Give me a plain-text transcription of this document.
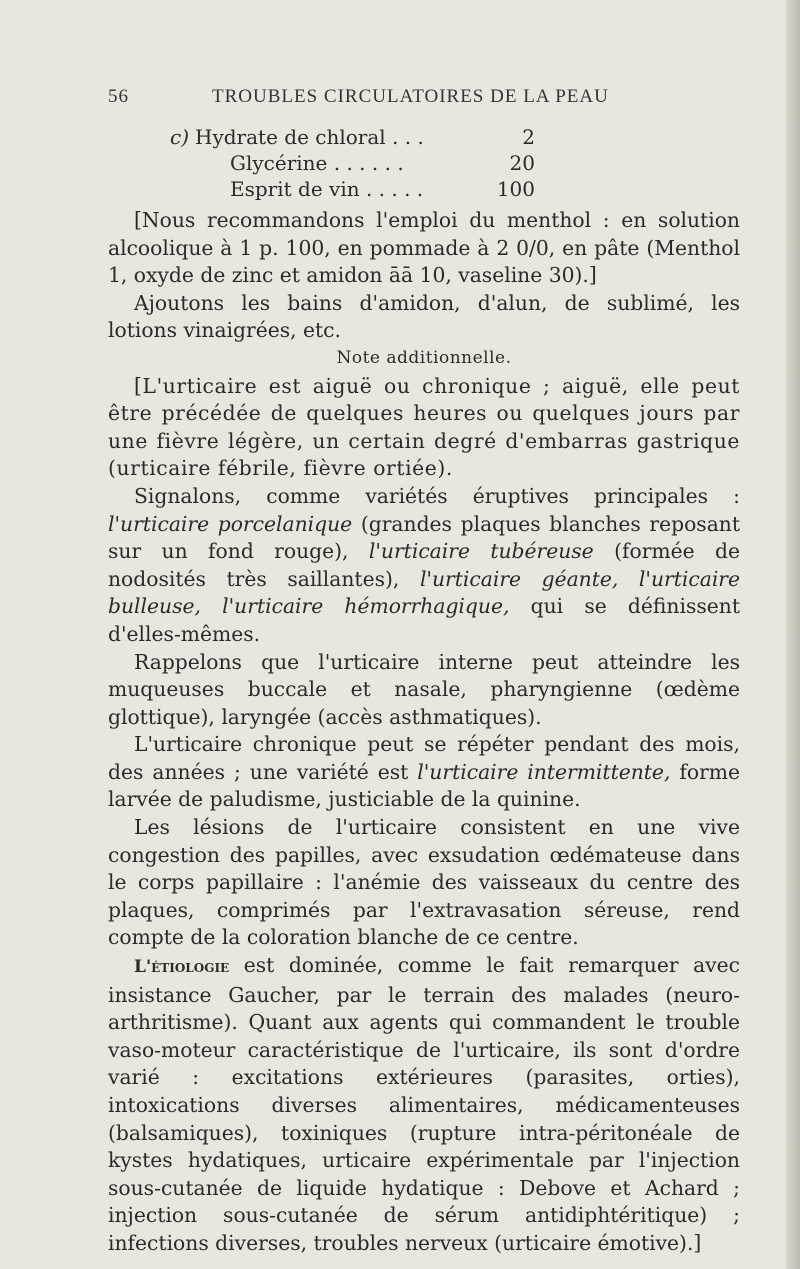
56	TROUBLES CIRCULATOIRES DE LA PEAU
c) Hydrate de chloral . . .	2
Glycérine . . . . . .	20
Esprit de vin . . . . .	100

[Nous recommandons l'emploi du menthol : en solution alcoolique à 1 p. 100, en pommade à 2 0/0, en pâte (Menthol 1, oxyde de zinc et amidon āā 10, vaseline 30).]

Ajoutons les bains d'amidon, d'alun, de sublimé, les lotions vinaigrées, etc.

Note additionnelle.

[L'urticaire est aiguë ou chronique ; aiguë, elle peut être précédée de quelques heures ou quelques jours par une fièvre légère, un certain degré d'embarras gastrique (urticaire fébrile, fièvre ortiée).

Signalons, comme variétés éruptives principales : l'urticaire porcelanique (grandes plaques blanches reposant sur un fond rouge), l'urticaire tubéreuse (formée de nodosités très saillantes), l'urticaire géante, l'urticaire bulleuse, l'urticaire hémorrhagique, qui se définissent d'elles-mêmes.

Rappelons que l'urticaire interne peut atteindre les muqueuses buccale et nasale, pharyngienne (œdème glottique), laryngée (accès asthmatiques).

L'urticaire chronique peut se répéter pendant des mois, des années ; une variété est l'urticaire intermittente, forme larvée de paludisme, justiciable de la quinine.

Les lésions de l'urticaire consistent en une vive congestion des papilles, avec exsudation œdémateuse dans le corps papillaire : l'anémie des vaisseaux du centre des plaques, comprimés par l'extravasation séreuse, rend compte de la coloration blanche de ce centre.

L'étiologie est dominée, comme le fait remarquer avec insistance Gaucher, par le terrain des malades (neuro-arthritisme). Quant aux agents qui commandent le trouble vaso-moteur caractéristique de l'urticaire, ils sont d'ordre varié : excitations extérieures (parasites, orties), intoxications diverses alimentaires, médicamenteuses (balsamiques), toxiniques (rupture intra-péritonéale de kystes hydatiques, urticaire expérimentale par l'injection sous-cutanée de liquide hydatique : Debove et Achard ; injection sous-cutanée de sérum antidiphtéritique) ; infections diverses, troubles nerveux (urticaire émotive).]
